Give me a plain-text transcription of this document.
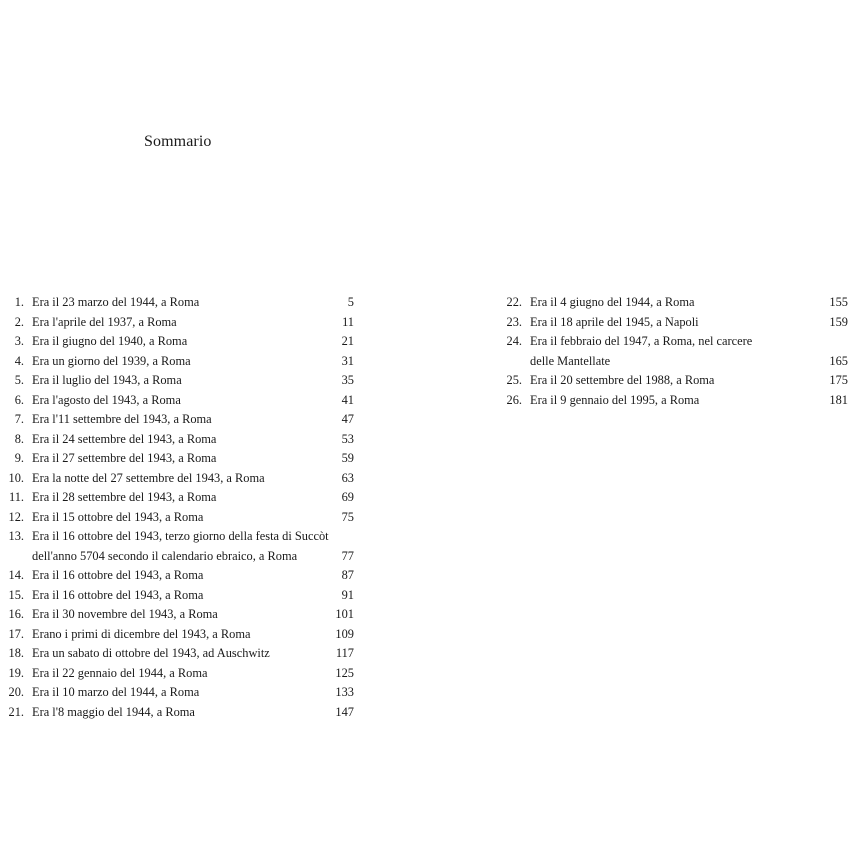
Sommario
1. Era il 23 marzo del 1944, a Roma	5
2. Era l'aprile del 1937, a Roma	11
3. Era il giugno del 1940, a Roma	21
4. Era un giorno del 1939, a Roma	31
5. Era il luglio del 1943, a Roma	35
6. Era l'agosto del 1943, a Roma	41
7. Era l'11 settembre del 1943, a Roma	47
8. Era il 24 settembre del 1943, a Roma	53
9. Era il 27 settembre del 1943, a Roma	59
10. Era la notte del 27 settembre del 1943, a Roma	63
11. Era il 28 settembre del 1943, a Roma	69
12. Era il 15 ottobre del 1943, a Roma	75
13. Era il 16 ottobre del 1943, terzo giorno della festa di Succòt
dell'anno 5704 secondo il calendario ebraico, a Roma	77
14. Era il 16 ottobre del 1943, a Roma	87
15. Era il 16 ottobre del 1943, a Roma	91
16. Era il 30 novembre del 1943, a Roma	101
17. Erano i primi di dicembre del 1943, a Roma	109
18. Era un sabato di ottobre del 1943, ad Auschwitz	117
19. Era il 22 gennaio del 1944, a Roma	125
20. Era il 10 marzo del 1944, a Roma	133
21. Era l'8 maggio del 1944, a Roma	147
22. Era il 4 giugno del 1944, a Roma	155
23. Era il 18 aprile del 1945, a Napoli	159
24. Era il febbraio del 1947, a Roma, nel carcere
delle Mantellate	165
25. Era il 20 settembre del 1988, a Roma	175
26. Era il 9 gennaio del 1995, a Roma	181
